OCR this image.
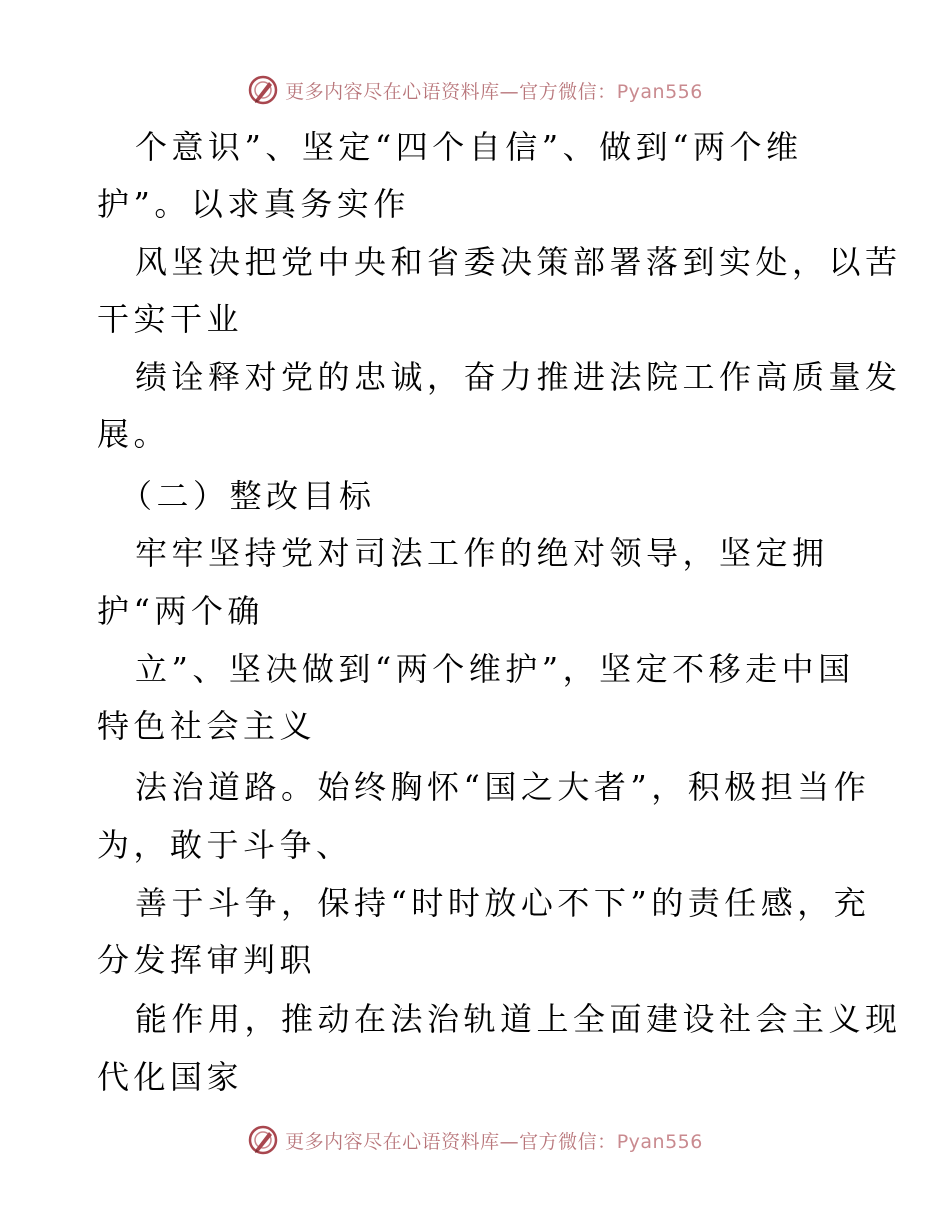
更多内容尽在心语资料库—官方微信：Pyan556
个意识”、坚定“四个自信”、做到“两个维
护”。以求真务实作
风坚决把党中央和省委决策部署落到实处，以苦
干实干业
绩诠释对党的忠诚，奋力推进法院工作高质量发
展。
（二）整改目标
牢牢坚持党对司法工作的绝对领导，坚定拥
护“两个确
立”、坚决做到“两个维护”，坚定不移走中国
特色社会主义
法治道路。始终胸怀“国之大者”，积极担当作
为，敢于斗争、
善于斗争，保持“时时放心不下”的责任感，充
分发挥审判职
能作用，推动在法治轨道上全面建设社会主义现
代化国家
更多内容尽在心语资料库—官方微信：Pyan556
